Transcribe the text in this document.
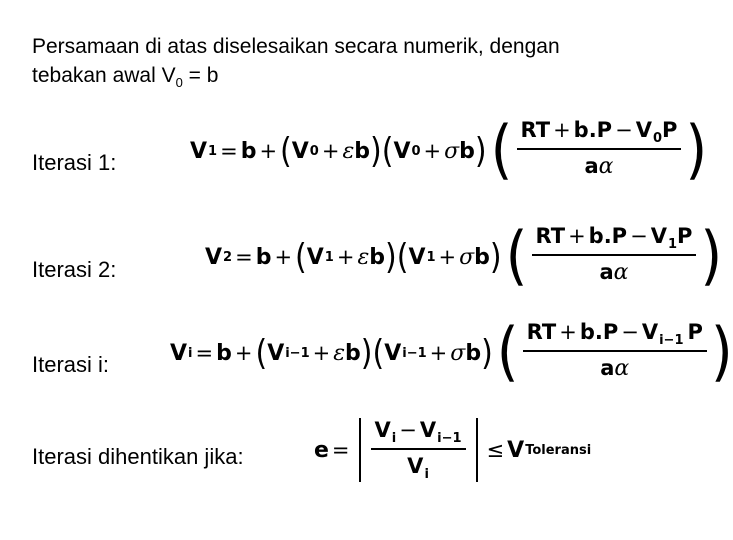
Persamaan di atas diselesaikan secara numerik, dengan
tebakan awal $V_0 = b$
Iterasi 1:
Iterasi 2:
Iterasi i:
Iterasi dihentikan jika:
V 1 = b + ( V 0 + ε b ) ( V 0 + σ b ) ( $\frac{RT + b.P - V_0P}{a\alpha}$ )
V 2 = b + ( V 1 + ε b ) ( V 1 + σ b ) ( $\frac{RT + b.P - V_1P}{a\alpha}$ )
V i = b + ( V i−1 + ε b ) ( V i−1 + σ b ) ( $\frac{RT + b.P - V_{i-1} P}{a\alpha}$ )
$e = \frac{V_i - V_{i-1}}{V_i} \le V$ Toleransi
